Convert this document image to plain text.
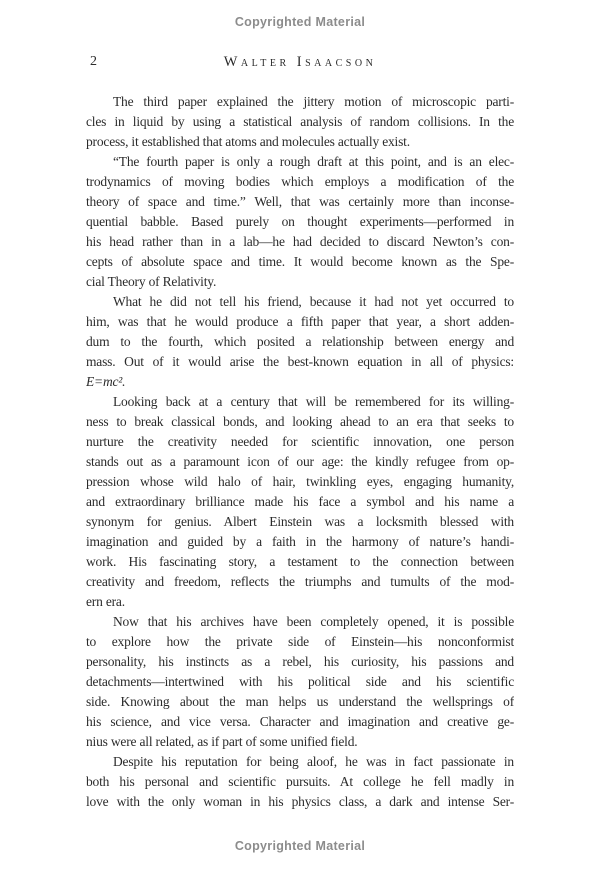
Copyrighted Material
2	Walter Isaacson
The third paper explained the jittery motion of microscopic parti-
cles in liquid by using a statistical analysis of random collisions. In the
process, it established that atoms and molecules actually exist.
“The fourth paper is only a rough draft at this point, and is an elec-
trodynamics of moving bodies which employs a modification of the
theory of space and time.” Well, that was certainly more than inconse-
quential babble. Based purely on thought experiments—performed in
his head rather than in a lab—he had decided to discard Newton’s con-
cepts of absolute space and time. It would become known as the Spe-
cial Theory of Relativity.
What he did not tell his friend, because it had not yet occurred to
him, was that he would produce a fifth paper that year, a short adden-
dum to the fourth, which posited a relationship between energy and
mass. Out of it would arise the best-known equation in all of physics:
E=mc².
Looking back at a century that will be remembered for its willing-
ness to break classical bonds, and looking ahead to an era that seeks to
nurture the creativity needed for scientific innovation, one person
stands out as a paramount icon of our age: the kindly refugee from op-
pression whose wild halo of hair, twinkling eyes, engaging humanity,
and extraordinary brilliance made his face a symbol and his name a
synonym for genius. Albert Einstein was a locksmith blessed with
imagination and guided by a faith in the harmony of nature’s handi-
work. His fascinating story, a testament to the connection between
creativity and freedom, reflects the triumphs and tumults of the mod-
ern era.
Now that his archives have been completely opened, it is possible
to explore how the private side of Einstein—his nonconformist
personality, his instincts as a rebel, his curiosity, his passions and
detachments—intertwined with his political side and his scientific
side. Knowing about the man helps us understand the wellsprings of
his science, and vice versa. Character and imagination and creative ge-
nius were all related, as if part of some unified field.
Despite his reputation for being aloof, he was in fact passionate in
both his personal and scientific pursuits. At college he fell madly in
love with the only woman in his physics class, a dark and intense Ser-
Copyrighted Material
